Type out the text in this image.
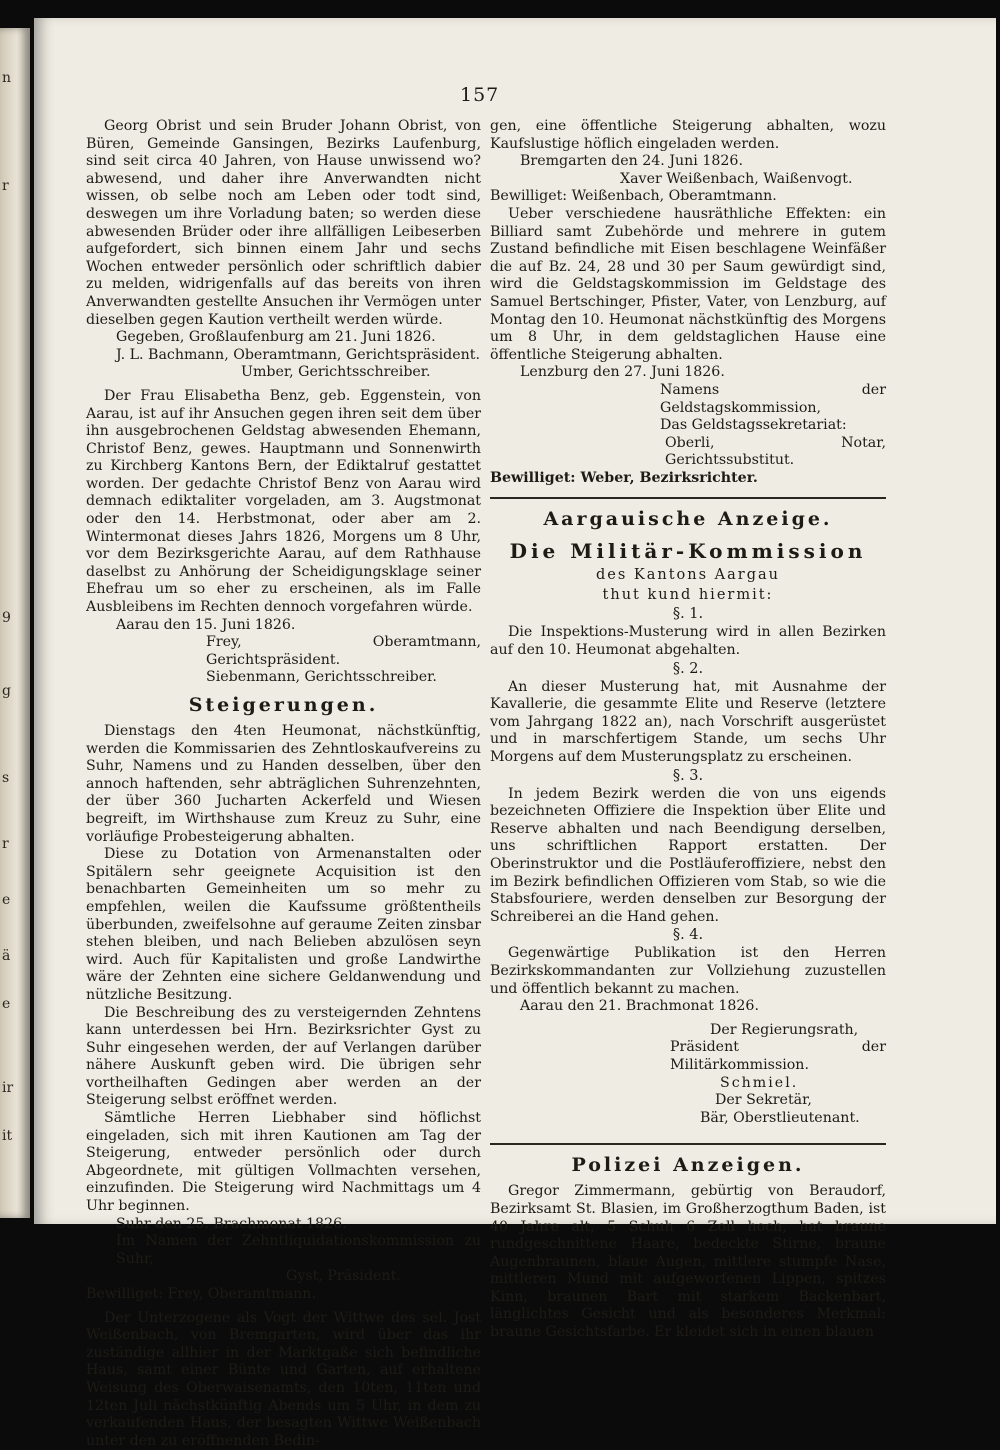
n
r
9
g
s
r
e
ä
e
ir
it
157

Georg Obrist und sein Bruder Johann Obrist, von Büren, Gemeinde Gansingen, Bezirks Laufenburg, sind seit circa 40 Jahren, von Hause unwissend wo? abwesend, und daher ihre Anverwandten nicht wissen, ob selbe noch am Leben oder todt sind, deswegen um ihre Vorladung baten; so werden diese abwesenden Brüder oder ihre allfälligen Leibeserben aufgefordert, sich binnen einem Jahr und sechs Wochen entweder persönlich oder schriftlich dabier zu melden, widrigenfalls auf das bereits von ihren Anverwandten gestellte Ansuchen ihr Vermögen unter dieselben gegen Kaution vertheilt werden würde.

Gegeben, Großlaufenburg am 21. Juni 1826.

J. L. Bachmann, Oberamtmann, Gerichtspräsident.

Umber, Gerichtsschreiber.

Der Frau Elisabetha Benz, geb. Eggenstein, von Aarau, ist auf ihr Ansuchen gegen ihren seit dem über ihn ausgebrochenen Geldstag abwesenden Ehemann, Christof Benz, gewes. Hauptmann und Sonnenwirth zu Kirchberg Kantons Bern, der Ediktalruf gestattet worden. Der gedachte Christof Benz von Aarau wird demnach ediktaliter vorgeladen, am 3. Augstmonat oder den 14. Herbstmonat, oder aber am 2. Wintermonat dieses Jahrs 1826, Morgens um 8 Uhr, vor dem Bezirksgerichte Aarau, auf dem Rathhause daselbst zu Anhörung der Scheidigungsklage seiner Ehefrau um so eher zu erscheinen, als im Falle Ausbleibens im Rechten dennoch vorgefahren würde.

Aarau den 15. Juni 1826.

Frey, Oberamtmann, Gerichtspräsident.

Siebenmann, Gerichtsschreiber.

Steigerungen.

Dienstags den 4ten Heumonat, nächstkünftig, werden die Kommissarien des Zehntloskaufvereins zu Suhr, Namens und zu Handen desselben, über den annoch haftenden, sehr abträglichen Suhrenzehnten, der über 360 Jucharten Ackerfeld und Wiesen begreift, im Wirthshause zum Kreuz zu Suhr, eine vorläufige Probesteigerung abhalten.

Diese zu Dotation von Armenanstalten oder Spitälern sehr geeignete Acquisition ist den benachbarten Gemeinheiten um so mehr zu empfehlen, weilen die Kaufssume größtentheils überbunden, zweifelsohne auf geraume Zeiten zinsbar stehen bleiben, und nach Belieben abzulösen seyn wird. Auch für Kapitalisten und große Landwirthe wäre der Zehnten eine sichere Geldanwendung und nützliche Besitzung.

Die Beschreibung des zu versteigernden Zehntens kann unterdessen bei Hrn. Bezirksrichter Gyst zu Suhr eingesehen werden, der auf Verlangen darüber nähere Auskunft geben wird. Die übrigen sehr vortheilhaften Gedingen aber werden an der Steigerung selbst eröffnet werden.

Sämtliche Herren Liebhaber sind höflichst eingeladen, sich mit ihren Kautionen am Tag der Steigerung, entweder persönlich oder durch Abgeordnete, mit gültigen Vollmachten versehen, einzufinden. Die Steigerung wird Nachmittags um 4 Uhr beginnen.

Suhr den 25. Brachmonat 1826.

Im Namen der Zehntliquidationskommission zu Suhr,

Gyst, Präsident.

Bewilliget: Frey, Oberamtmann.

Der Unterzogene als Vogt der Wittwe des sel. Jost Weißenbach, von Bremgarten, wird über das ihr zuständige allhier in der Marktgaße sich befindliche Haus, samt einer Bünte und Garten, auf erhaltene Weisung des Oberwaisenamts, den 10ten, 11ten und 12ten Juli nächstkünftig Abends um 5 Uhr, in dem zu verkaufenden Haus, der besagten Wittwe Weißenbach unter den zu eröffnenden Bedin-

gen, eine öffentliche Steigerung abhalten, wozu Kaufslustige höflich eingeladen werden.

Bremgarten den 24. Juni 1826.

Xaver Weißenbach, Waißenvogt.

Bewilliget: Weißenbach, Oberamtmann.

Ueber verschiedene hausräthliche Effekten: ein Billiard samt Zubehörde und mehrere in gutem Zustand befindliche mit Eisen beschlagene Weinfäßer die auf Bz. 24, 28 und 30 per Saum gewürdigt sind, wird die Geldstagskommission im Geldstage des Samuel Bertschinger, Pfister, Vater, von Lenzburg, auf Montag den 10. Heumonat nächstkünftig des Morgens um 8 Uhr, in dem geldstaglichen Hause eine öffentliche Steigerung abhalten.

Lenzburg den 27. Juni 1826.

Namens der Geldstagskommission,

Das Geldstagssekretariat:

Oberli, Notar, Gerichtssubstitut.

Bewilliget: Weber, Bezirksrichter.

Aargauische Anzeige.
Die Militär-Kommission
des Kantons Aargau
thut kund hiermit:
§. 1.

Die Inspektions-Musterung wird in allen Bezirken auf den 10. Heumonat abgehalten.

§. 2.

An dieser Musterung hat, mit Ausnahme der Kavallerie, die gesammte Elite und Reserve (letztere vom Jahrgang 1822 an), nach Vorschrift ausgerüstet und in marschfertigem Stande, um sechs Uhr Morgens auf dem Musterungsplatz zu erscheinen.

§. 3.

In jedem Bezirk werden die von uns eigends bezeichneten Offiziere die Inspektion über Elite und Reserve abhalten und nach Beendigung derselben, uns schriftlichen Rapport erstatten. Der Oberinstruktor und die Postläuferoffiziere, nebst den im Bezirk befindlichen Offizieren vom Stab, so wie die Stabsfouriere, werden denselben zur Besorgung der Schreiberei an die Hand gehen.

§. 4.

Gegenwärtige Publikation ist den Herren Bezirkskommandanten zur Vollziehung zuzustellen und öffentlich bekannt zu machen.

Aarau den 21. Brachmonat 1826.

Der Regierungsrath,

Präsident der Militärkommission.

Schmiel.

Der Sekretär,

Bär, Oberstlieutenant.

Polizei Anzeigen.

Gregor Zimmermann, gebürtig von Beraudorf, Bezirksamt St. Blasien, im Großherzogthum Baden, ist 40 Jahre alt, 5 Schuh 6 Zoll hoch, hat braune rundgeschnittene Haare, bedeckte Stirne, braune Augenbraunen, blaue Augen, mittlere stumpfe Nase, mittleren Mund mit aufgeworfenen Lippen, spitzes Kinn, braunen Bart mit starkem Backenbart, länglichtes Gesicht und als besonderes Merkmal: braune Gesichtsfarbe. Er kleidet sich in einen blauen
